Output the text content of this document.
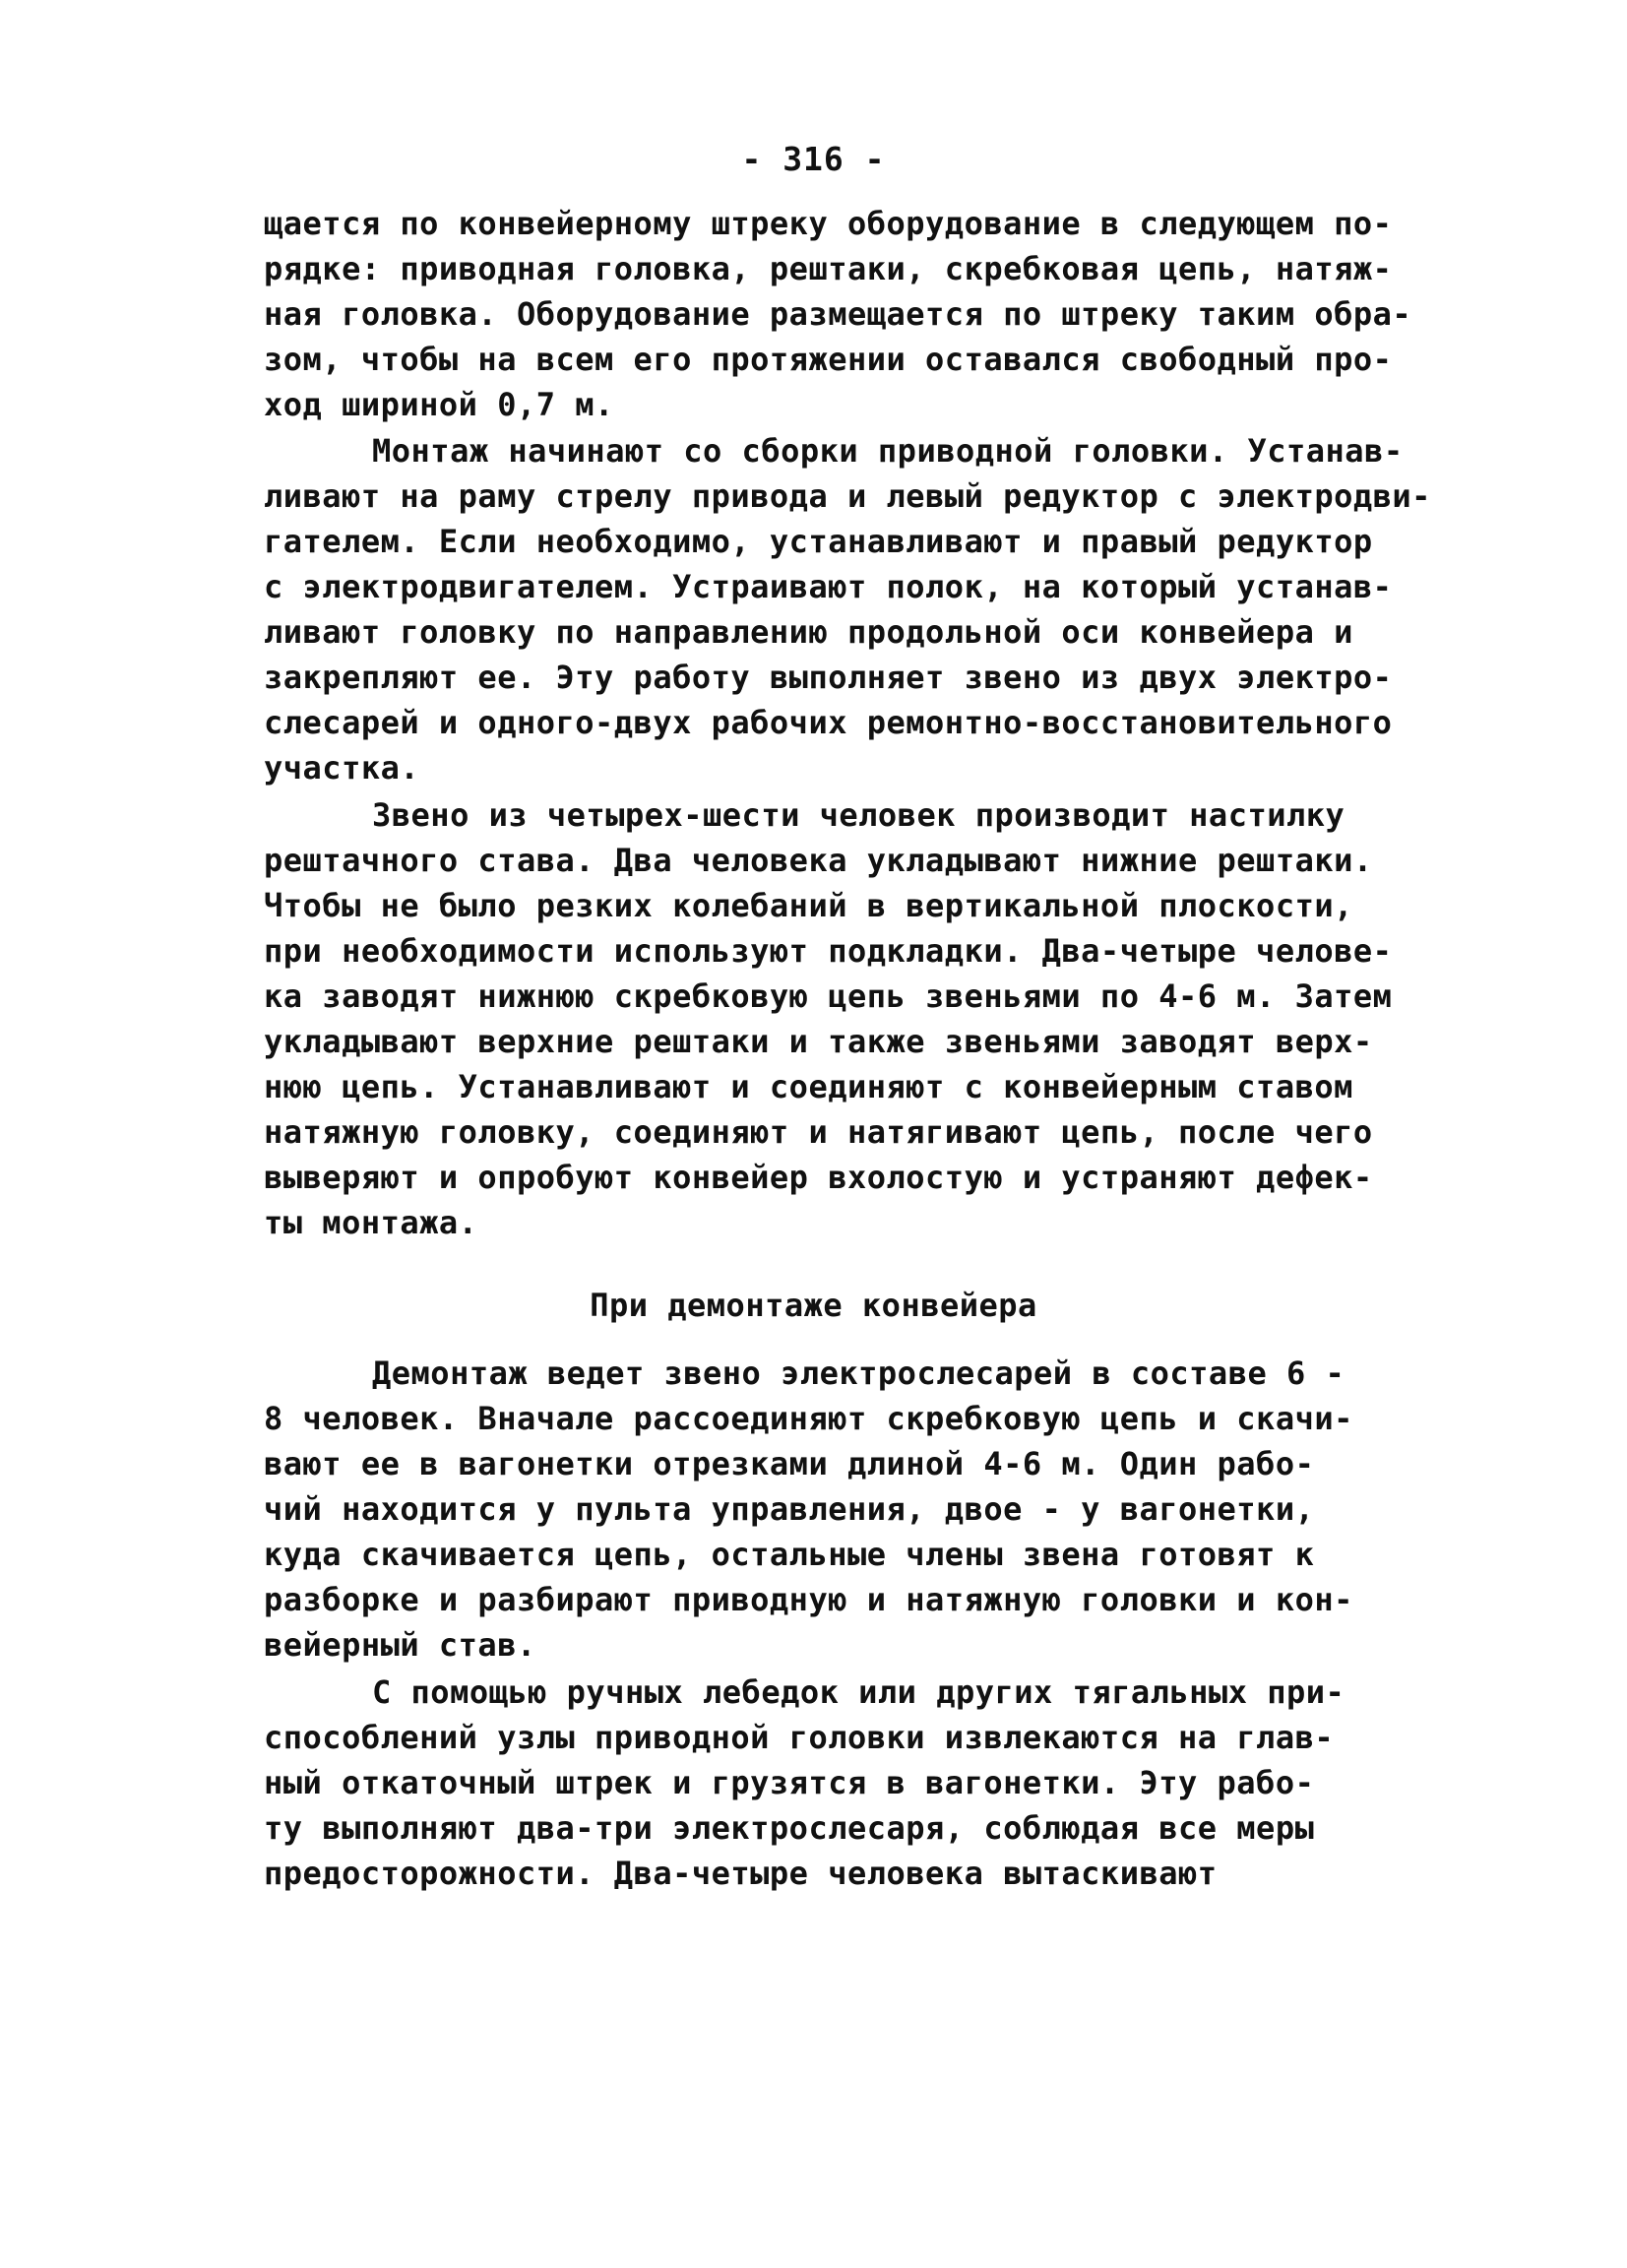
- 316 -
щается по конвейерному штреку оборудование в следующем по-
рядке: приводная головка, рештаки, скребковая цепь, натяж-
ная головка. Оборудование размещается по штреку таким обра-
зом, чтобы на всем его протяжении оставался свободный про-
ход шириной 0,7 м.
Монтаж начинают со сборки приводной головки. Устанав-
ливают на раму стрелу привода и левый редуктор с электродви-
гателем. Если необходимо, устанавливают и правый редуктор
с электродвигателем. Устраивают полок, на который устанав-
ливают головку по направлению продольной оси конвейера и
закрепляют ее. Эту работу выполняет звено из двух электро-
слесарей и одного-двух рабочих ремонтно-восстановительного
участка.
Звено из четырех-шести человек производит настилку
рештачного става. Два человека укладывают нижние рештаки.
Чтобы не было резких колебаний в вертикальной плоскости,
при необходимости используют подкладки. Два-четыре челове-
ка заводят нижнюю скребковую цепь звеньями по 4-6 м. Затем
укладывают верхние рештаки и также звеньями заводят верх-
нюю цепь. Устанавливают и соединяют с конвейерным ставом
натяжную головку, соединяют и натягивают цепь, после чего
выверяют и опробуют конвейер вхолостую и устраняют дефек-
ты монтажа.
При демонтаже конвейера
Демонтаж ведет звено электрослесарей в составе 6 -
8 человек. Вначале рассоединяют скребковую цепь и скачи-
вают ее в вагонетки отрезками длиной 4-6 м. Один рабо-
чий находится у пульта управления, двое - у вагонетки,
куда скачивается цепь, остальные члены звена готовят к
разборке и разбирают приводную и натяжную головки и кон-
вейерный став.
С помощью ручных лебедок или других тягальных при-
способлений узлы приводной головки извлекаются на глав-
ный откаточный штрек и грузятся в вагонетки. Эту рабо-
ту выполняют два-три электрослесаря, соблюдая все меры
предосторожности. Два-четыре человека вытаскивают
